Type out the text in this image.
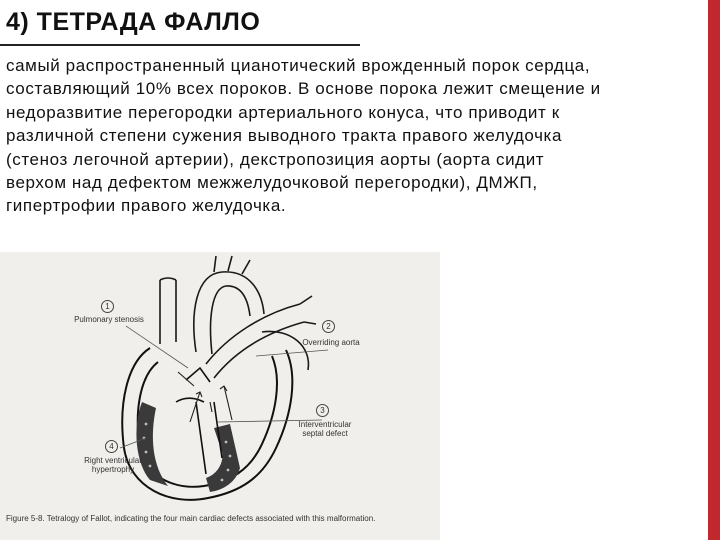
4) ТЕТРАДА ФАЛЛО

самый распространенный цианотический врожденный порок сердца, составляющий 10% всех пороков. В основе порока лежит смещение и недоразвитие перегородки артериального конуса, что приводит к различной степени сужения выводного тракта правого желудочка (стеноз легочной артерии), декстропозиция аорты (аорта сидит верхом над дефектом межжелудочковой перегородки), ДМЖП, гипертрофии правого желудочка.

1
Pulmonary stenosis
2
Overriding aorta
3
Interventricular septal defect
4
Right ventricular hypertrophy
Figure 5-8. Tetralogy of Fallot, indicating the four main cardiac defects associated with this malformation.
